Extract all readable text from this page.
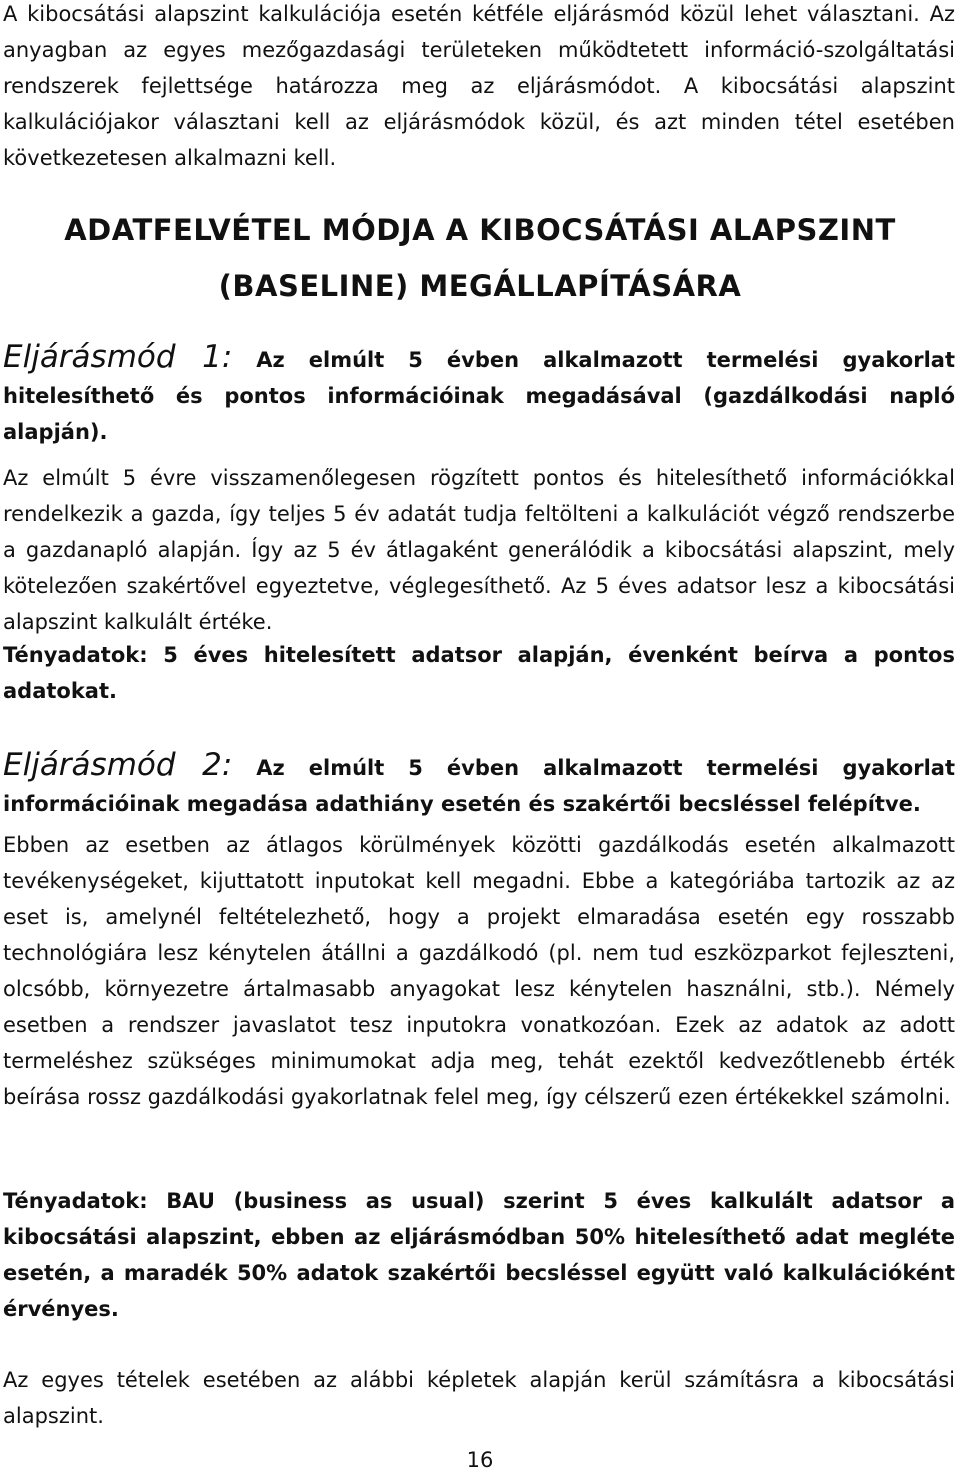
A kibocsátási alapszint kalkulációja esetén kétféle eljárásmód közül lehet választani. Az anyagban az egyes mezőgazdasági területeken működtetett információ-szolgáltatási rendszerek fejlettsége határozza meg az eljárásmódot. A kibocsátási alapszint kalkulációjakor választani kell az eljárásmódok közül, és azt minden tétel esetében következetesen alkalmazni kell.

ADATFELVÉTEL MÓDJA A KIBOCSÁTÁSI ALAPSZINT
(BASELINE) MEGÁLLAPÍTÁSÁRA

Eljárásmód 1: Az elmúlt 5 évben alkalmazott termelési gyakorlat hitelesíthető és pontos információinak megadásával (gazdálkodási napló alapján).

Az elmúlt 5 évre visszamenőlegesen rögzített pontos és hitelesíthető információkkal rendelkezik a gazda, így teljes 5 év adatát tudja feltölteni a kalkulációt végző rendszerbe a gazdanapló alapján. Így az 5 év átlagaként generálódik a kibocsátási alapszint, mely kötelezően szakértővel egyeztetve, véglegesíthető. Az 5 éves adatsor lesz a kibocsátási alapszint kalkulált értéke.

Tényadatok: 5 éves hitelesített adatsor alapján, évenként beírva a pontos adatokat.

Eljárásmód 2: Az elmúlt 5 évben alkalmazott termelési gyakorlat információinak megadása adathiány esetén és szakértői becsléssel felépítve.

Ebben az esetben az átlagos körülmények közötti gazdálkodás esetén alkalmazott tevékenységeket, kijuttatott inputokat kell megadni. Ebbe a kategóriába tartozik az az eset is, amelynél feltételezhető, hogy a projekt elmaradása esetén egy rosszabb technológiára lesz kénytelen átállni a gazdálkodó (pl. nem tud eszközparkot fejleszteni, olcsóbb, környezetre ártalmasabb anyagokat lesz kénytelen használni, stb.). Némely esetben a rendszer javaslatot tesz inputokra vonatkozóan. Ezek az adatok az adott termeléshez szükséges minimumokat adja meg, tehát ezektől kedvezőtlenebb érték beírása rossz gazdálkodási gyakorlatnak felel meg, így célszerű ezen értékekkel számolni.

Tényadatok: BAU (business as usual) szerint 5 éves kalkulált adatsor a kibocsátási alapszint, ebben az eljárásmódban 50% hitelesíthető adat megléte esetén, a maradék 50% adatok szakértői becsléssel együtt való kalkulációként érvényes.

Az egyes tételek esetében az alábbi képletek alapján kerül számításra a kibocsátási alapszint.

16
